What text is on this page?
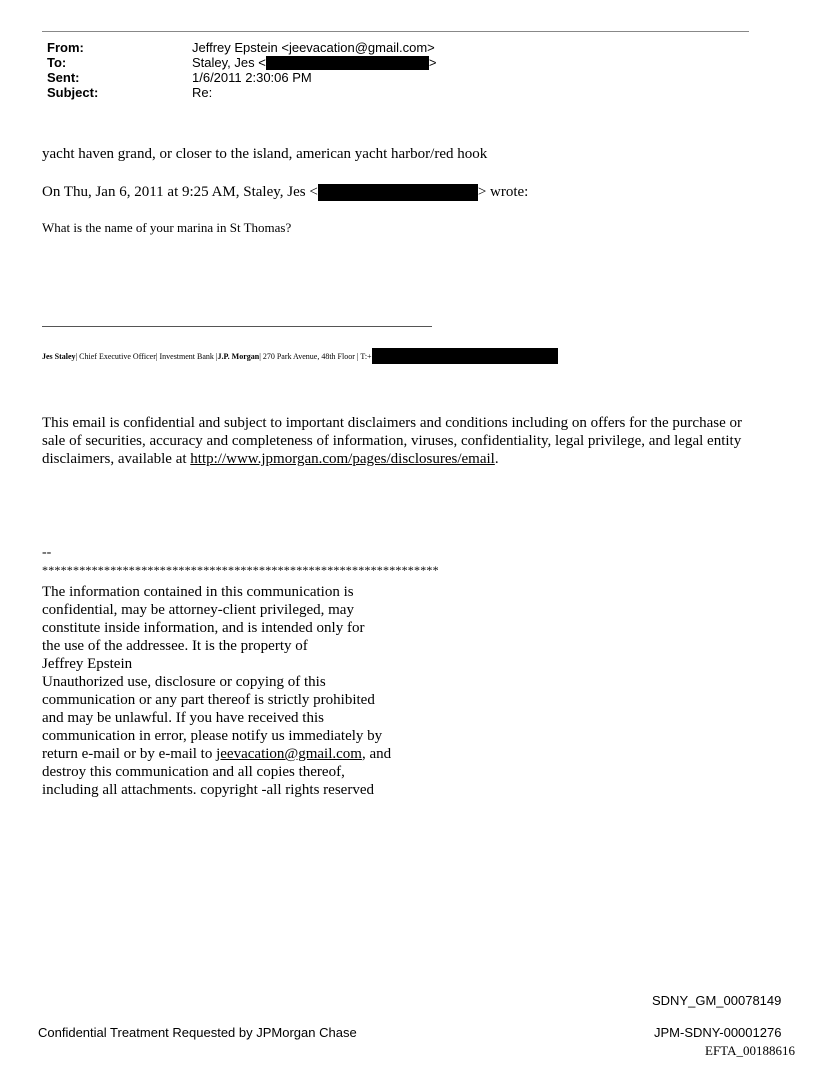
From:	Jeffrey Epstein <jeevacation@gmail.com>
To:	Staley, Jes <	>
Sent:	1/6/2011 2:30:06 PM
Subject:	Re:
yacht haven grand, or closer to the island, american yacht harbor/red hook
On Thu, Jan 6, 2011 at 9:25 AM, Staley, Jes <	> wrote:
What is the name of your marina in St Thomas?
Jes Staley | Chief Executive Officer| Investment Bank | J.P. Morgan | 270 Park Avenue, 48th Floor | T:+
This email is confidential and subject to important disclaimers and conditions including on offers for the purchase or sale of securities, accuracy and completeness of information, viruses, confidentiality, legal privilege, and legal entity disclaimers, available at http://www.jpmorgan.com/pages/disclosures/email.
--
****************************************************************
The information contained in this communication is
confidential, may be attorney-client privileged, may
constitute inside information, and is intended only for
the use of the addressee. It is the property of
Jeffrey Epstein
Unauthorized use, disclosure or copying of this
communication or any part thereof is strictly prohibited
and may be unlawful. If you have received this
communication in error, please notify us immediately by
return e-mail or by e-mail to jeevacation@gmail.com, and
destroy this communication and all copies thereof,
including all attachments. copyright -all rights reserved
SDNY_GM_00078149
Confidential Treatment Requested by JPMorgan Chase	JPM-SDNY-00001276
EFTA_00188616
